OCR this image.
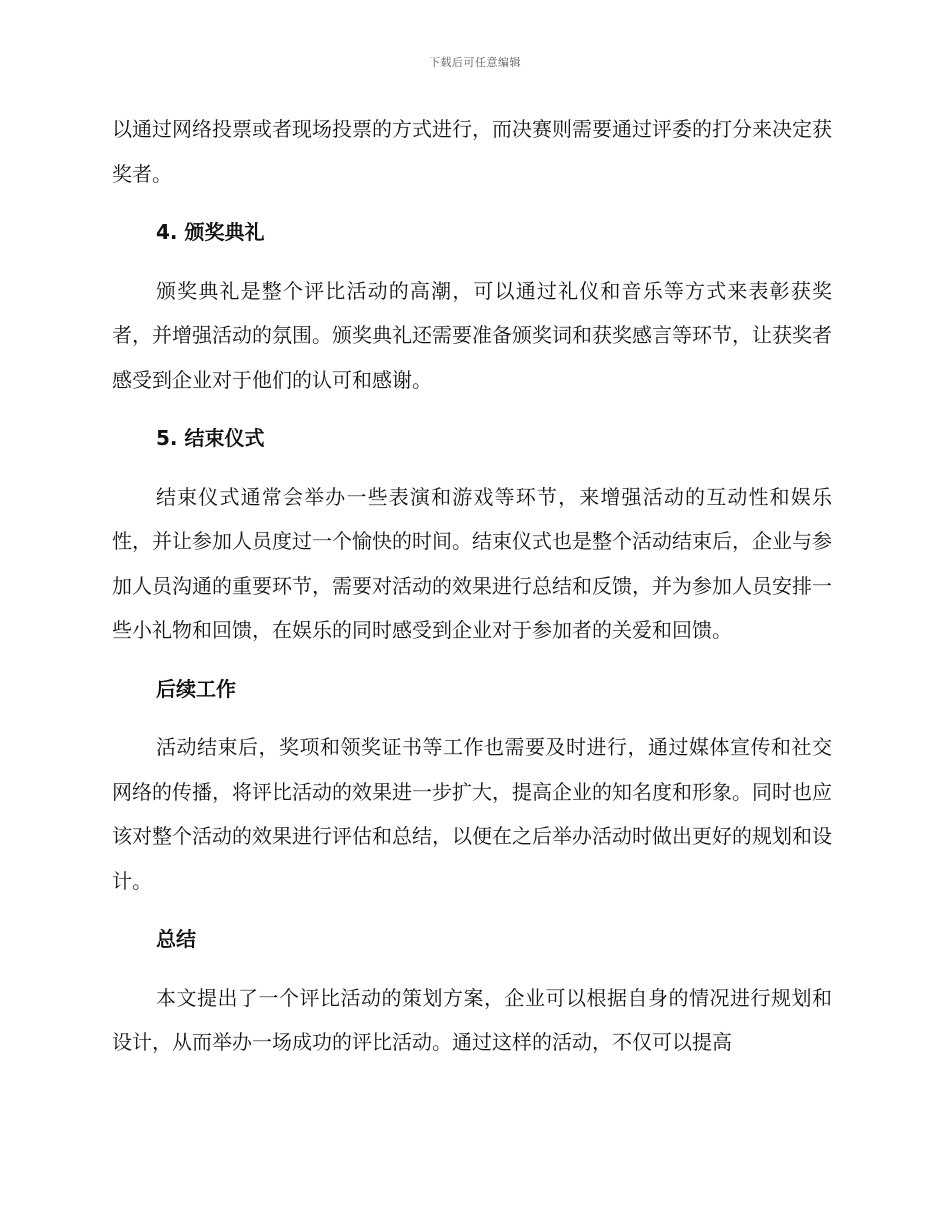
下载后可任意编辑

以通过网络投票或者现场投票的方式进行，而决赛则需要通过评委的打分来决定获奖者。

4. 颁奖典礼

颁奖典礼是整个评比活动的高潮，可以通过礼仪和音乐等方式来表彰获奖者，并增强活动的氛围。颁奖典礼还需要准备颁奖词和获奖感言等环节，让获奖者感受到企业对于他们的认可和感谢。

5. 结束仪式

结束仪式通常会举办一些表演和游戏等环节，来增强活动的互动性和娱乐性，并让参加人员度过一个愉快的时间。结束仪式也是整个活动结束后，企业与参加人员沟通的重要环节，需要对活动的效果进行总结和反馈，并为参加人员安排一些小礼物和回馈，在娱乐的同时感受到企业对于参加者的关爱和回馈。

后续工作

活动结束后，奖项和领奖证书等工作也需要及时进行，通过媒体宣传和社交网络的传播，将评比活动的效果进一步扩大，提高企业的知名度和形象。同时也应该对整个活动的效果进行评估和总结，以便在之后举办活动时做出更好的规划和设计。

总结

本文提出了一个评比活动的策划方案，企业可以根据自身的情况进行规划和设计，从而举办一场成功的评比活动。通过这样的活动，不仅可以提高
